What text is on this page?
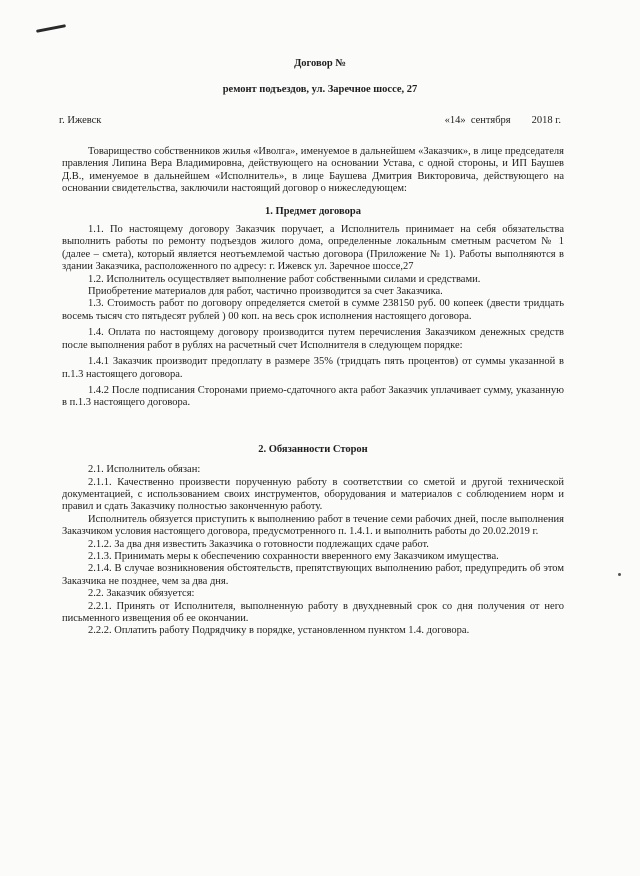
Договор №
ремонт подъездов, ул. Заречное шоссе, 27
г. Ижевск	«14»  сентября        2018 г.

Товарищество собственников жилья «Иволга», именуемое в дальнейшем «Заказчик», в лице председателя правления Липина Вера Владимировна, действующего на основании Устава, с одной стороны, и ИП Баушев Д.В., именуемое в дальнейшем «Исполнитель», в лице Баушева Дмитрия Викторовича, действующего на основании свидетельства, заключили настоящий договор о нижеследующем:

1. Предмет договора

1.1. По настоящему договору Заказчик поручает, а Исполнитель принимает на себя обязательства выполнить работы по ремонту подъездов жилого дома, определенные локальным сметным расчетом № 1 (далее – смета), который является неотъемлемой частью договора (Приложение № 1). Работы выполняются в здании Заказчика, расположенного по адресу: г. Ижевск ул. Заречное шоссе,27

1.2. Исполнитель осуществляет выполнение работ собственными силами и средствами.

Приобретение материалов для работ, частично производится за счет Заказчика.

1.3. Стоимость работ по договору определяется сметой в сумме 238150 руб. 00 копеек (двести тридцать восемь тысяч сто пятьдесят рублей ) 00 коп. на весь срок исполнения настоящего договора.

1.4. Оплата по настоящему договору производится путем перечисления Заказчиком денежных средств после выполнения работ в рублях на расчетный счет Исполнителя в следующем порядке:

1.4.1 Заказчик производит предоплату в размере 35% (тридцать пять процентов) от суммы указанной в п.1.3 настоящего договора.

1.4.2 После подписания Сторонами приемо-сдаточного акта работ Заказчик уплачивает сумму, указанную в п.1.3 настоящего договора.

2. Обязанности Сторон

2.1. Исполнитель обязан:

2.1.1. Качественно произвести порученную работу в соответствии со сметой и другой технической документацией, с использованием своих инструментов, оборудования и материалов с соблюдением норм и правил и сдать Заказчику полностью законченную работу.

Исполнитель обязуется приступить к выполнению работ в течение семи рабочих дней, после выполнения Заказчиком условия настоящего договора, предусмотренного п. 1.4.1. и выполнить работы до 20.02.2019 г.

2.1.2. За два дня известить Заказчика о готовности подлежащих сдаче работ.

2.1.3. Принимать меры к обеспечению сохранности вверенного ему Заказчиком имущества.

2.1.4. В случае возникновения обстоятельств, препятствующих выполнению работ, предупредить об этом Заказчика не позднее, чем за два дня.

2.2. Заказчик обязуется:

2.2.1. Принять от Исполнителя, выполненную работу в двухдневный срок со дня получения от него письменного извещения об ее окончании.

2.2.2. Оплатить работу Подрядчику в порядке, установленном пунктом 1.4. договора.
